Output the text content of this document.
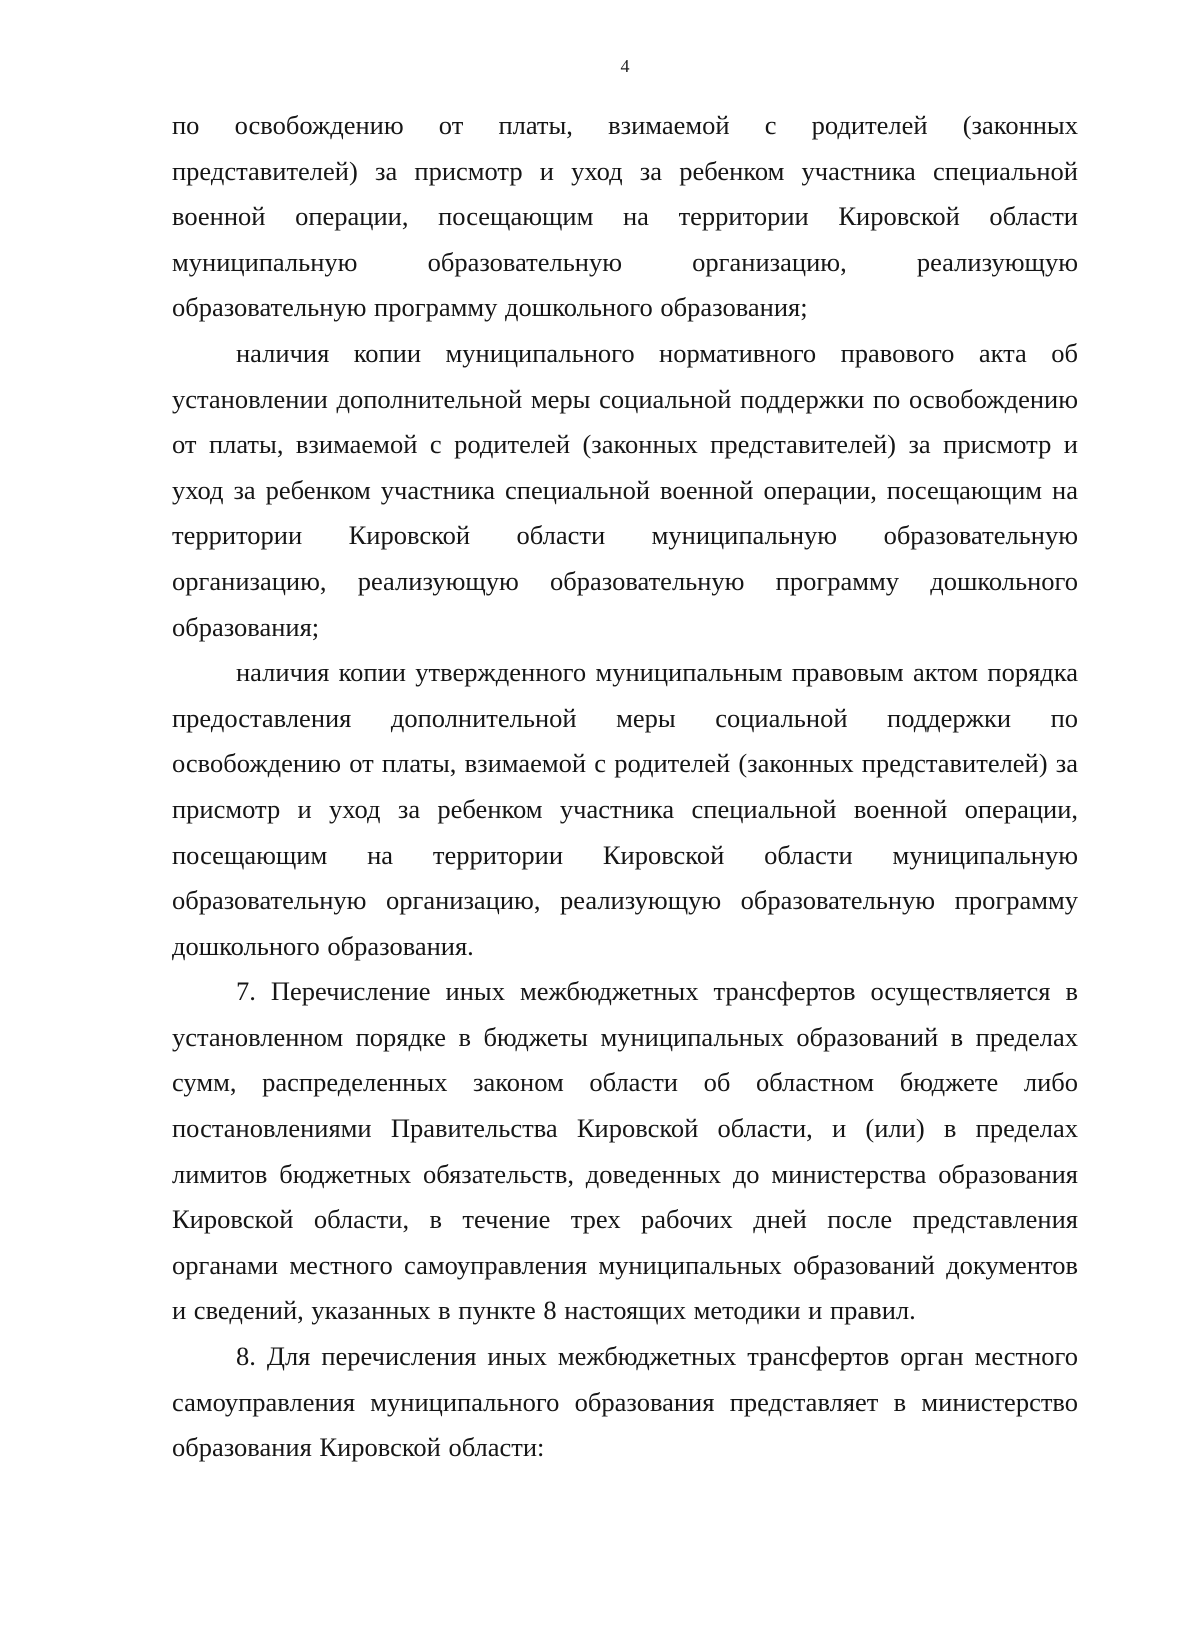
4

по освобождению от платы, взимаемой с родителей (законных представителей) за присмотр и уход за ребенком участника специальной военной операции, посещающим на территории Кировской области муниципальную образовательную организацию, реализующую образовательную программу дошкольного образования;

наличия копии муниципального нормативного правового акта об установлении дополнительной меры социальной поддержки по освобождению от платы, взимаемой с родителей (законных представителей) за присмотр и уход за ребенком участника специальной военной операции, посещающим на территории Кировской области муниципальную образовательную организацию, реализующую образовательную программу дошкольного образования;

наличия копии утвержденного муниципальным правовым актом порядка предоставления дополнительной меры социальной поддержки по освобождению от платы, взимаемой с родителей (законных представителей) за присмотр и уход за ребенком участника специальной военной операции, посещающим на территории Кировской области муниципальную образовательную организацию, реализующую образовательную программу дошкольного образования.

7. Перечисление иных межбюджетных трансфертов осуществляется в установленном порядке в бюджеты муниципальных образований в пределах сумм, распределенных законом области об областном бюджете либо постановлениями Правительства Кировской области, и (или) в пределах лимитов бюджетных обязательств, доведенных до министерства образования Кировской области, в течение трех рабочих дней после представления органами местного самоуправления муниципальных образований документов и сведений, указанных в пункте 8 настоящих методики и правил.

8. Для перечисления иных межбюджетных трансфертов орган местного самоуправления муниципального образования представляет в министерство образования Кировской области:
